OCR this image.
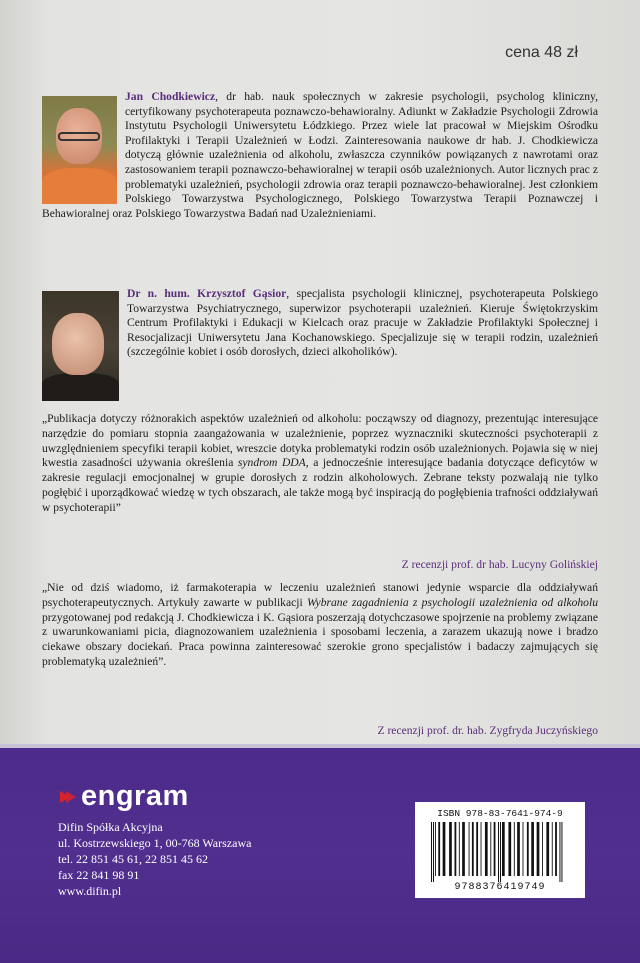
cena 48 zł

Jan Chodkiewicz, dr hab. nauk społecznych w zakresie psychologii, psycholog kliniczny, certyfikowany psychoterapeuta poznawczo-behawioralny. Adiunkt w Zakładzie Psychologii Zdrowia Instytutu Psychologii Uniwersytetu Łódzkiego. Przez wiele lat pracował w Miejskim Ośrodku Profilaktyki i Terapii Uzależnień w Łodzi. Zainteresowania naukowe dr hab. J. Chodkiewicza dotyczą głównie uzależnienia od alkoholu, zwłaszcza czynników powiązanych z nawrotami oraz zastosowaniem terapii poznawczo-behawioralnej w terapii osób uzależnionych. Autor licznych prac z problematyki uzależnień, psychologii zdrowia oraz terapii poznawczo-behawioralnej. Jest członkiem Polskiego Towarzystwa Psychologicznego, Polskiego Towarzystwa Terapii Poznawczej i Behawioralnej oraz Polskiego Towarzystwa Badań nad Uzależnieniami.

Dr n. hum. Krzysztof Gąsior, specjalista psychologii klinicznej, psychoterapeuta Polskiego Towarzystwa Psychiatrycznego, superwizor psychoterapii uzależnień. Kieruje Świętokrzyskim Centrum Profilaktyki i Edukacji w Kielcach oraz pracuje w Zakładzie Profilaktyki Społecznej i Resocjalizacji Uniwersytetu Jana Kochanowskiego. Specjalizuje się w terapii rodzin, uzależnień (szczególnie kobiet i osób dorosłych, dzieci alkoholików).

„Publikacja dotyczy różnorakich aspektów uzależnień od alkoholu: począwszy od diagnozy, prezentując interesujące narzędzie do pomiaru stopnia zaangażowania w uzależnienie, poprzez wyznaczniki skuteczności psychoterapii z uwzględnieniem specyfiki terapii kobiet, wreszcie dotyka problematyki rodzin osób uzależnionych. Pojawia się w niej kwestia zasadności używania określenia syndrom DDA, a jednocześnie interesujące badania dotyczące deficytów w zakresie regulacji emocjonalnej w grupie dorosłych z rodzin alkoholowych. Zebrane teksty pozwalają nie tylko pogłębić i uporządkować wiedzę w tych obszarach, ale także mogą być inspiracją do pogłębienia trafności oddziaływań w psychoterapii”

Z recenzji prof. dr hab. Lucyny Golińskiej

„Nie od dziś wiadomo, iż farmakoterapia w leczeniu uzależnień stanowi jedynie wsparcie dla oddziaływań psychoterapeutycznych. Artykuły zawarte w publikacji Wybrane zagadnienia z psychologii uzależnienia od alkoholu przygotowanej pod redakcją J. Chodkiewicza i K. Gąsiora poszerzają dotychczasowe spojrzenie na problemy związane z uwarunkowaniami picia, diagnozowaniem uzależnienia i sposobami leczenia, a zarazem ukazują nowe i bradzo ciekawe obszary dociekań. Praca powinna zainteresować szerokie grono specjalistów i badaczy zajmujących się problematyką uzależnień”.

Z recenzji prof. dr. hab. Zygfryda Juczyńskiego
engram
Difin Spółka Akcyjna
ul. Kostrzewskiego 1, 00-768 Warszawa
tel. 22 851 45 61, 22 851 45 62
fax 22 841 98 91
www.difin.pl
ISBN 978-83-7641-974-9
9788376419749
